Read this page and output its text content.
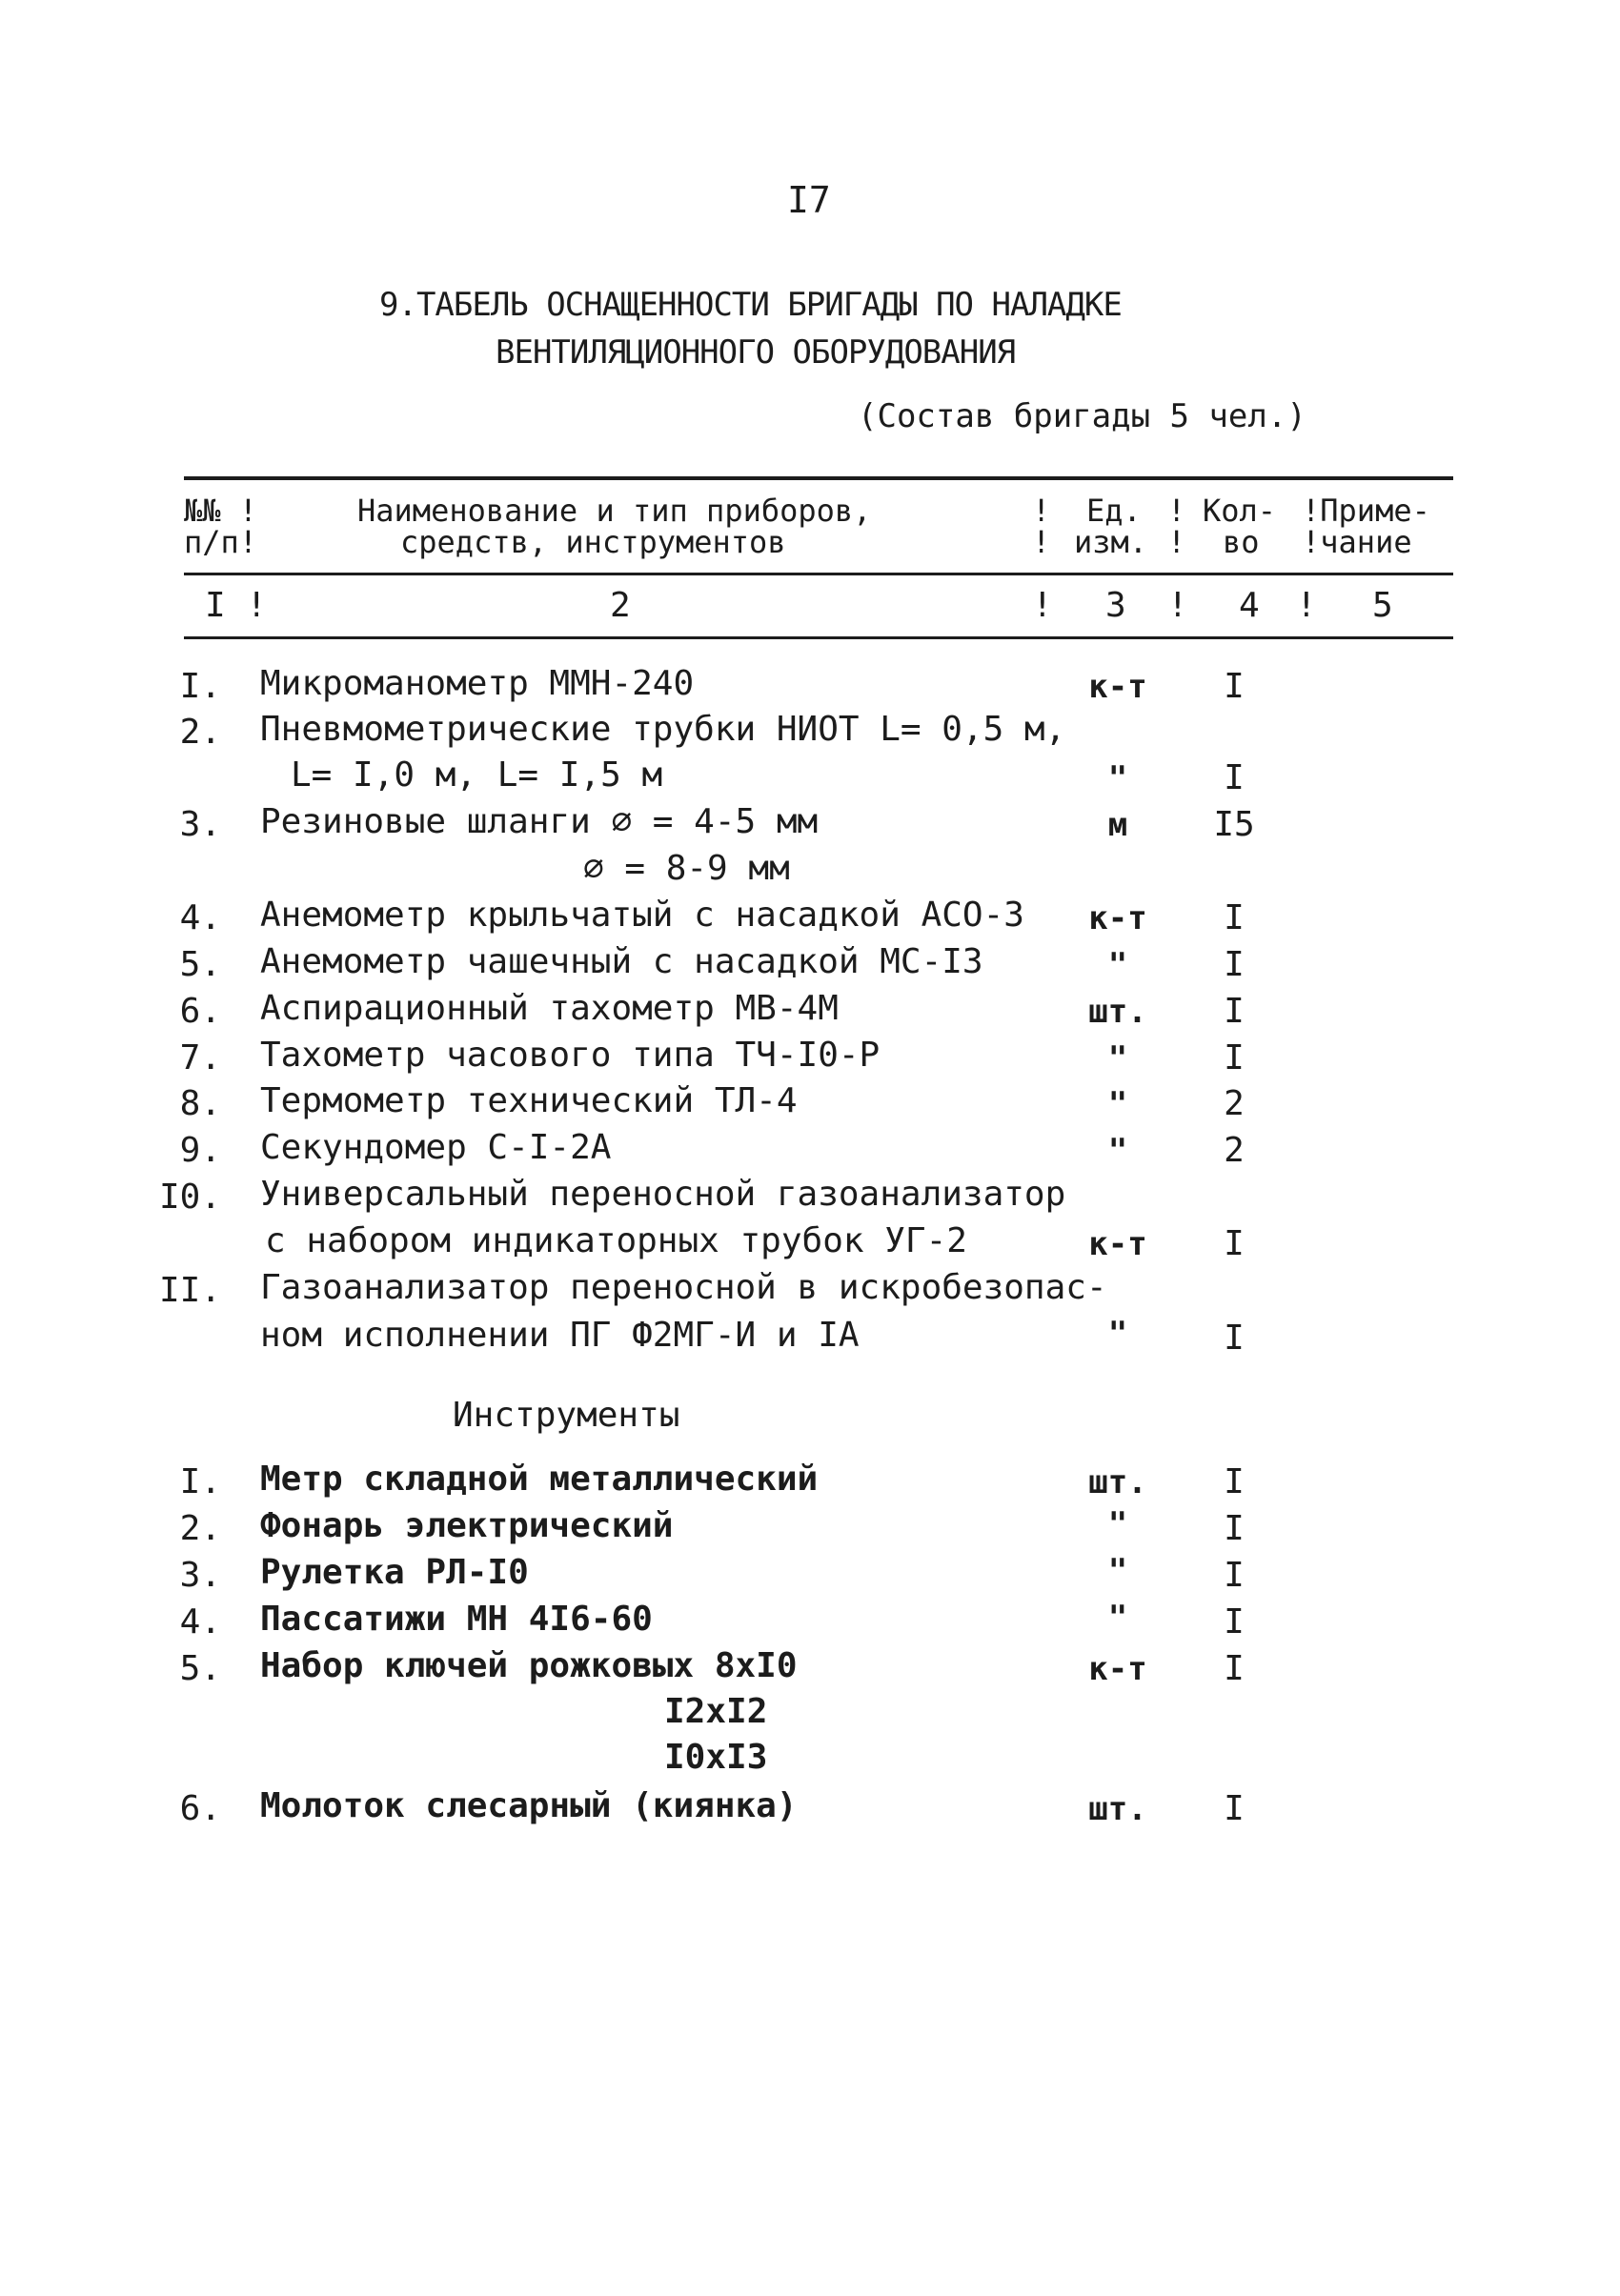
I7
9.ТАБЕЛЬ ОСНАЩЕННОСТИ БРИГАДЫ ПО НАЛАДКЕ
ВЕНТИЛЯЦИОННОГО ОБОРУДОВАНИЯ
(Состав бригады 5 чел.)
№№ !	Наименование и тип приборов,	! Ед. ! Кол- !Приме-
п/п!	средств, инструментов	! изм. ! во !чание
I !	2	! 3 ! 4 ! 5
I. Микроманометр ММН-240	к-т	I
2. Пневмометрические трубки НИОТ L= 0,5 м,
L= I,0 м, L= I,5 м	"	I
3. Резиновые шланги ∅ = 4-5 мм
∅ = 8-9 мм
м	I5
4. Анемометр крыльчатый с насадкой АСО-3 к-т	I
5. Анемометр чашечный с насадкой МС-I3	"	I
6. Аспирационный тахометр МВ-4М	шт.	I
7. Тахометр часового типа ТЧ-I0-Р	"	I
8. Термометр технический ТЛ-4	"	2
9. Секундомер С-I-2А	"	2
I0. Универсальный переносной газоанализатор
с набором индикаторных трубок УГ-2	к-т	I
II. Газоанализатор переносной в искробезопас-
ном исполнении ПГ Ф2МГ-И и IA	"	I
Инструменты
I. Метр складной металлический	шт.	I
2. Фонарь электрический	"	I
3. Рулетка РЛ-I0	"	I
4. Пассатижи МН 4I6-60	"	I
5. Набор ключей рожковых 8хI0
I2хI2
I0хI3
к-т	I
6. Молоток слесарный (киянка)	шт.	I
